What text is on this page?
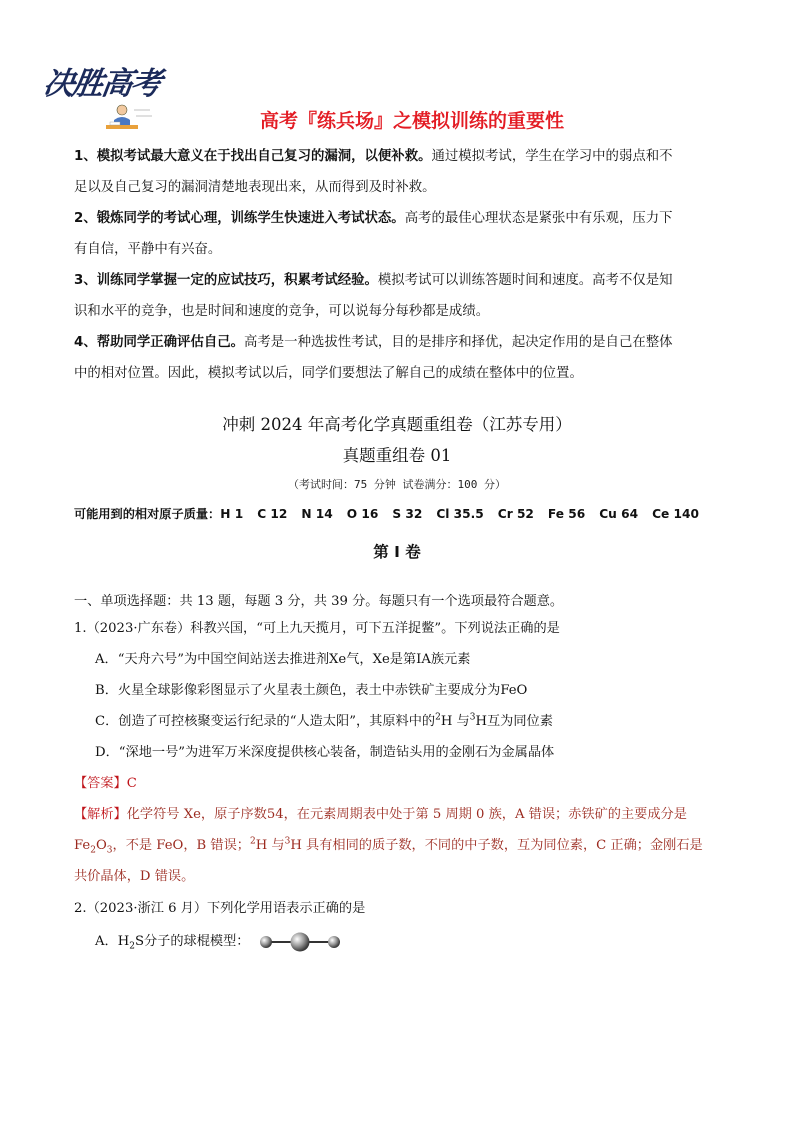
决胜高考
高考『练兵场』之模拟训练的重要性
1、模拟考试最大意义在于找出自己复习的漏洞，以便补救。通过模拟考试，学生在学习中的弱点和不
足以及自己复习的漏洞清楚地表现出来，从而得到及时补救。
2、锻炼同学的考试心理，训练学生快速进入考试状态。高考的最佳心理状态是紧张中有乐观，压力下
有自信，平静中有兴奋。
3、训练同学掌握一定的应试技巧，积累考试经验。模拟考试可以训练答题时间和速度。高考不仅是知
识和水平的竞争，也是时间和速度的竞争，可以说每分每秒都是成绩。
4、帮助同学正确评估自己。高考是一种选拔性考试，目的是排序和择优，起决定作用的是自己在整体
中的相对位置。因此，模拟考试以后，同学们要想法了解自己的成绩在整体中的位置。
冲刺 2024 年高考化学真题重组卷（江苏专用）
真题重组卷 01
（考试时间：75 分钟 试卷满分：100 分）
可能用到的相对原子质量：H 1 C 12 N 14 O 16 S 32 Cl 35.5 Cr 52 Fe 56 Cu 64 Ce 140
第 I 卷
一、单项选择题：共 13 题，每题 3 分，共 39 分。每题只有一个选项最符合题意。
1.（2023·广东卷）科教兴国，“可上九天揽月，可下五洋捉鳖”。下列说法正确的是
A．“天舟六号”为中国空间站送去推进剂Xe气，Xe是第IA族元素
B．火星全球影像彩图显示了火星表土颜色，表土中赤铁矿主要成分为FeO
C．创造了可控核聚变运行纪录的“人造太阳”，其原料中的$^2$H 与$^3$H互为同位素
D．“深地一号”为进军万米深度提供核心装备，制造钻头用的金刚石为金属晶体
【答案】C
【解析】化学符号 Xe，原子序数54，在元素周期表中处于第 5 周期 0 族，A 错误；赤铁矿的主要成分是
$Fe_2O_3$，不是 FeO，B 错误；$^2$H 与$^3$H 具有相同的质子数，不同的中子数，互为同位素，C 正确；金刚石是
共价晶体，D 错误。
2.（2023·浙江 6 月）下列化学用语表示正确的是
A．$H_2S$分子的球棍模型：
